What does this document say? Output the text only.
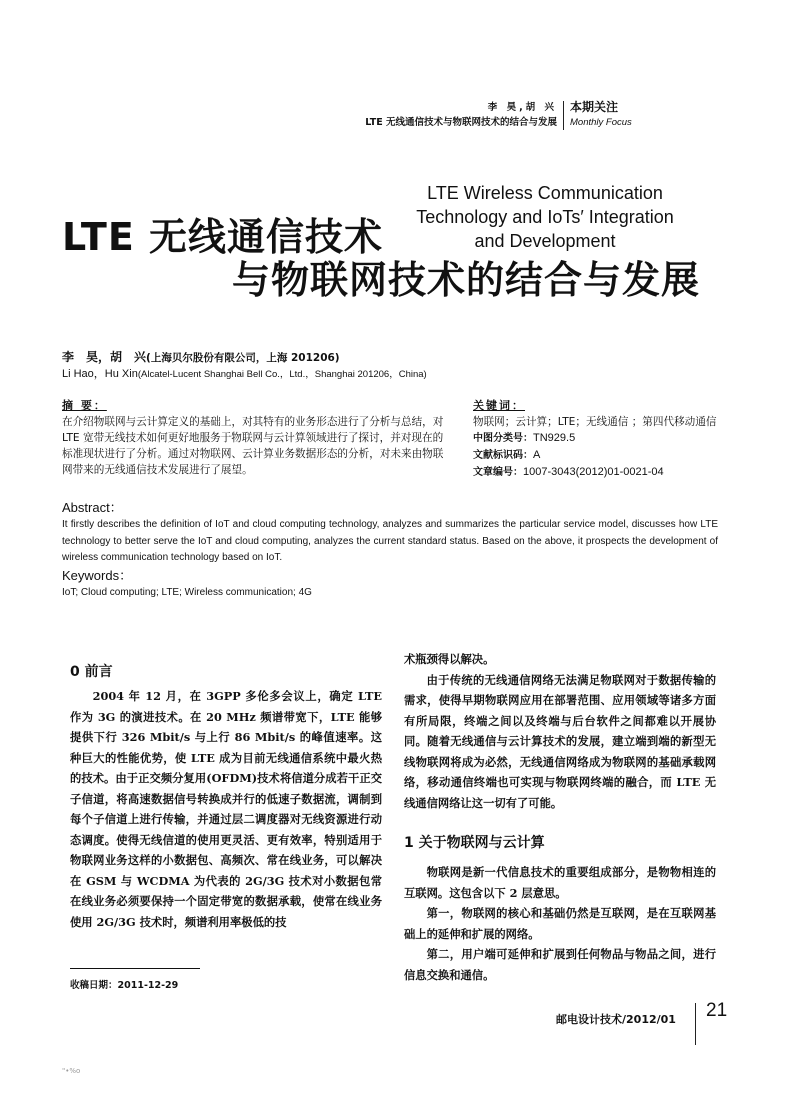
李 昊,胡 兴
LTE 无线通信技术与物联网技术的结合与发展
本期关注
Monthly Focus
LTE 无线通信技术
与物联网技术的结合与发展
LTE Wireless Communication
Technology and IoTs′ Integration
and Development
李　昊，胡　兴(上海贝尔股份有限公司，上海 201206)
Li Hao，Hu Xin(Alcatel-Lucent Shanghai Bell Co.，Ltd.，Shanghai 201206，China)
摘 要：
在介绍物联网与云计算定义的基础上，对其特有的业务形态进行了分析与总结，对 LTE 宽带无线技术如何更好地服务于物联网与云计算领域进行了探讨，并对现在的标准现状进行了分析。通过对物联网、云计算业务数据形态的分析，对未来由物联网带来的无线通信技术发展进行了展望。
关键词：
物联网；云计算；LTE；无线通信 ；第四代移动通信
中图分类号：TN929.5
文献标识码：A
文章编号：1007-3043(2012)01-0021-04
Abstract：
It firstly describes the definition of IoT and cloud computing technology, analyzes and summarizes the particular service model, discusses how LTE technology to better serve the IoT and cloud computing, analyzes the current standard status. Based on the above, it prospects the development of wireless communication technology based on IoT.
Keywords：
IoT; Cloud computing; LTE; Wireless communication; 4G
0 前言

2004 年 12 月，在 3GPP 多伦多会议上，确定 LTE 作为 3G 的演进技术。在 20 MHz 频谱带宽下，LTE 能够提供下行 326 Mbit/s 与上行 86 Mbit/s 的峰值速率。这种巨大的性能优势，使 LTE 成为目前无线通信系统中最火热的技术。由于正交频分复用(OFDM)技术将信道分成若干正交子信道，将高速数据信号转换成并行的低速子数据流，调制到每个子信道上进行传输，并通过层二调度器对无线资源进行动态调度。使得无线信道的使用更灵活、更有效率，特别适用于物联网业务这样的小数据包、高频次、常在线业务，可以解决在 GSM 与 WCDMA 为代表的 2G/3G 技术对小数据包常在线业务必须要保持一个固定带宽的数据承载，使常在线业务使用 2G/3G 技术时，频谱利用率极低的技

术瓶颈得以解决。

由于传统的无线通信网络无法满足物联网对于数据传输的需求，使得早期物联网应用在部署范围、应用领域等诸多方面有所局限，终端之间以及终端与后台软件之间都难以开展协同。随着无线通信与云计算技术的发展，建立端到端的新型无线物联网将成为必然，无线通信网络成为物联网的基础承载网络，移动通信终端也可实现与物联网终端的融合，而 LTE 无线通信网络让这一切有了可能。

1 关于物联网与云计算

物联网是新一代信息技术的重要组成部分，是物物相连的互联网。这包含以下 2 层意思。

第一，物联网的核心和基础仍然是互联网，是在互联网基础上的延伸和扩展的网络。

第二，用户端可延伸和扩展到任何物品与物品之间，进行信息交换和通信。

收稿日期：2011-12-29
邮电设计技术/2012/01 21
"•%o
